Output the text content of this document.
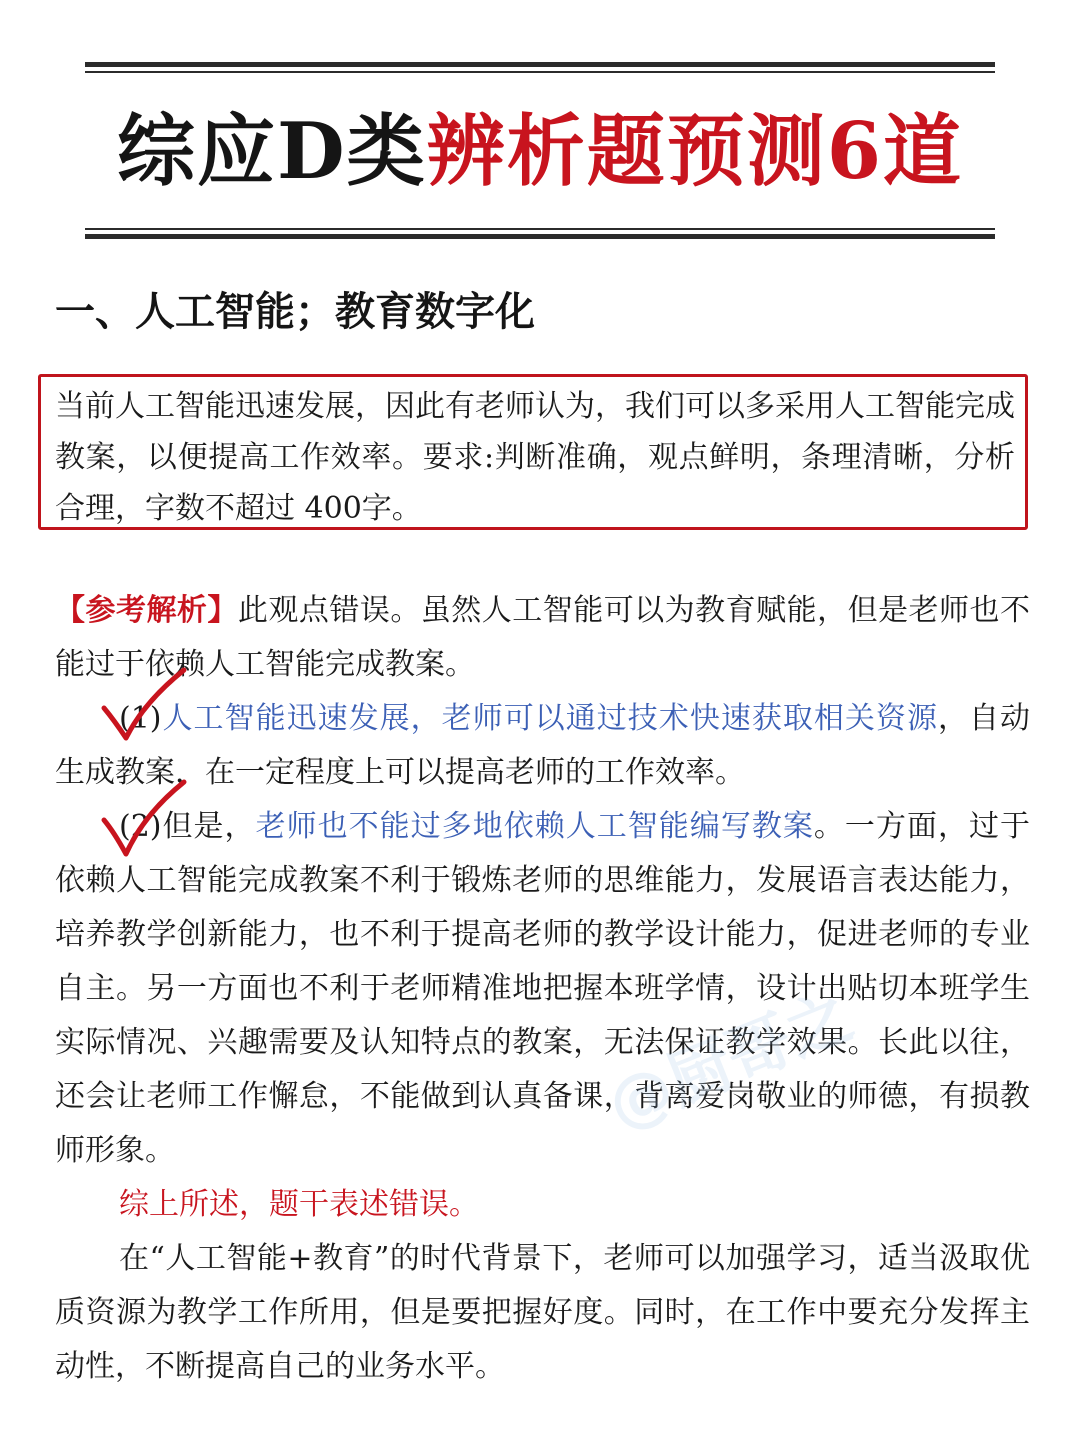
综应D类辨析题预测6道
一、人工智能；教育数字化
当前人工智能迅速发展，因此有老师认为，我们可以多采用人工智能完成教案，以便提高工作效率。要求:判断准确，观点鲜明，条理清晰，分析合理，字数不超过 400字。

【参考解析】此观点错误。虽然人工智能可以为教育赋能，但是老师也不能过于依赖人工智能完成教案。

(1)人工智能迅速发展，老师可以通过技术快速获取相关资源，自动生成教案，在一定程度上可以提高老师的工作效率。

(2)但是，老师也不能过多地依赖人工智能编写教案。一方面，过于依赖人工智能完成教案不利于锻炼老师的思维能力，发展语言表达能力，培养教学创新能力，也不利于提高老师的教学设计能力，促进老师的专业自主。另一方面也不利于老师精准地把握本班学情，设计出贴切本班学生实际情况、兴趣需要及认知特点的教案，无法保证教学效果。长此以往，还会让老师工作懈怠，不能做到认真备课，背离爱岗敬业的师德，有损教师形象。

综上所述，题干表述错误。

在“人工智能+教育”的时代背景下，老师可以加强学习，适当汲取优质资源为教学工作所用，但是要把握好度。同时，在工作中要充分发挥主动性，不断提高自己的业务水平。

@厨哥之
